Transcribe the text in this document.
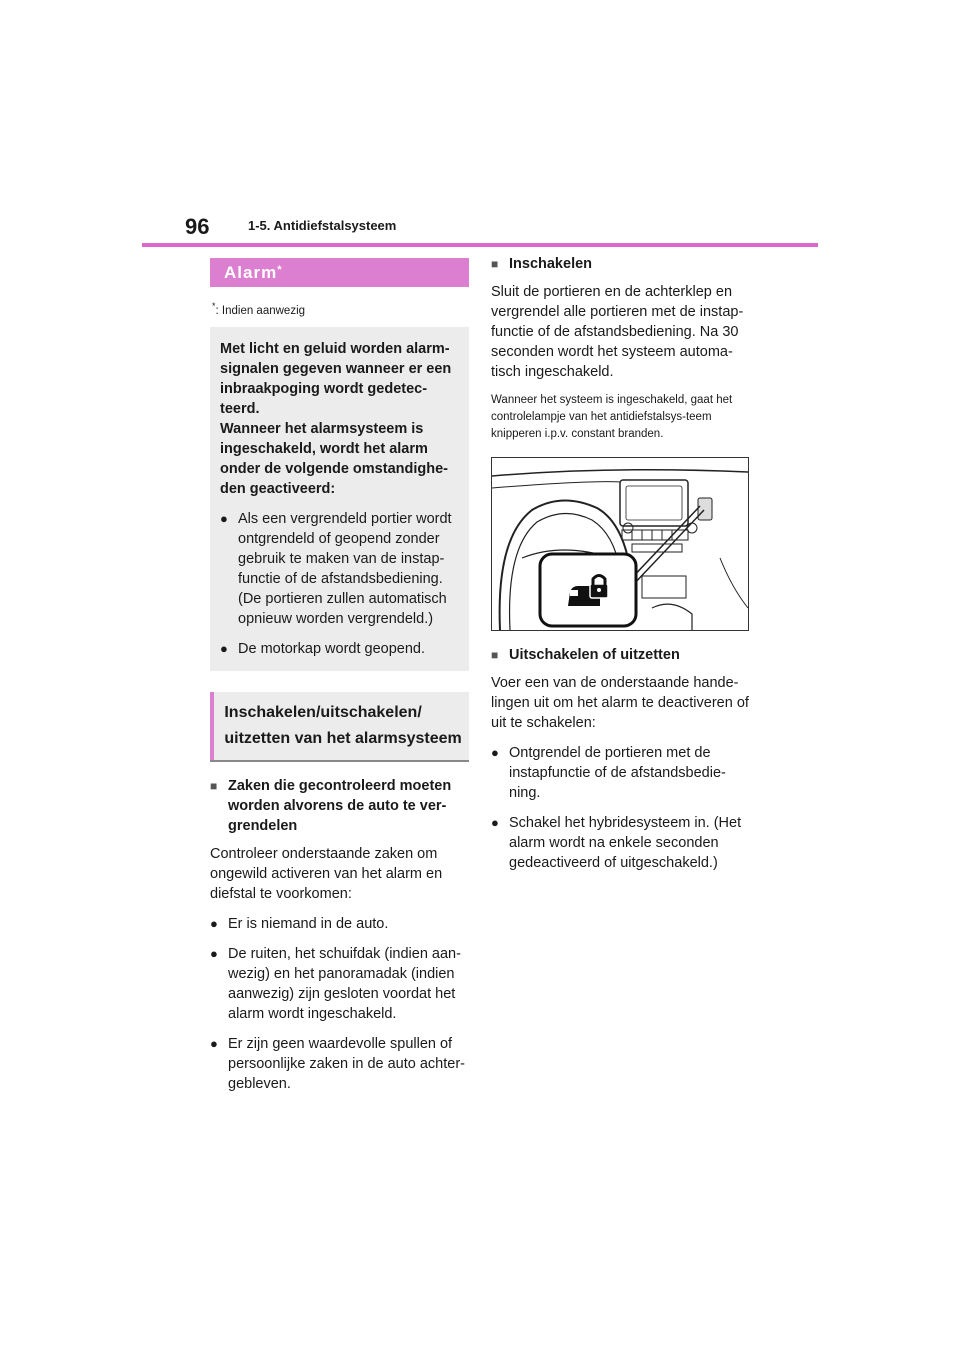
96	1-5. Antidiefstalsysteem
Alarm*
*: Indien aanwezig
Met licht en geluid worden alarm-signalen gegeven wanneer er een inbraakpoging wordt gedetec-teerd.
Wanneer het alarmsysteem is ingeschakeld, wordt het alarm onder de volgende omstandighe-den geactiveerd:
● Als een vergrendeld portier wordt ontgrendeld of geopend zonder gebruik te maken van de instap-functie of de afstandsbediening. (De portieren zullen automatisch opnieuw worden vergrendeld.)
● De motorkap wordt geopend.
Inschakelen/uitschakelen/ uitzetten van het alarmsysteem
■ Zaken die gecontroleerd moeten worden alvorens de auto te ver-grendelen
Controleer onderstaande zaken om ongewild activeren van het alarm en diefstal te voorkomen:
● Er is niemand in de auto.
● De ruiten, het schuifdak (indien aan-wezig) en het panoramadak (indien aanwezig) zijn gesloten voordat het alarm wordt ingeschakeld.
● Er zijn geen waardevolle spullen of persoonlijke zaken in de auto achter-gebleven.
■ Inschakelen
Sluit de portieren en de achterklep en vergrendel alle portieren met de instap-functie of de afstandsbediening. Na 30 seconden wordt het systeem automa-tisch ingeschakeld.
Wanneer het systeem is ingeschakeld, gaat het controlelampje van het antidiefstalsys-teem knipperen i.p.v. constant branden.
■ Uitschakelen of uitzetten
Voer een van de onderstaande hande-lingen uit om het alarm te deactiveren of uit te schakelen:
● Ontgrendel de portieren met de instapfunctie of de afstandsbedie-ning.
● Schakel het hybridesysteem in. (Het alarm wordt na enkele seconden gedeactiveerd of uitgeschakeld.)
